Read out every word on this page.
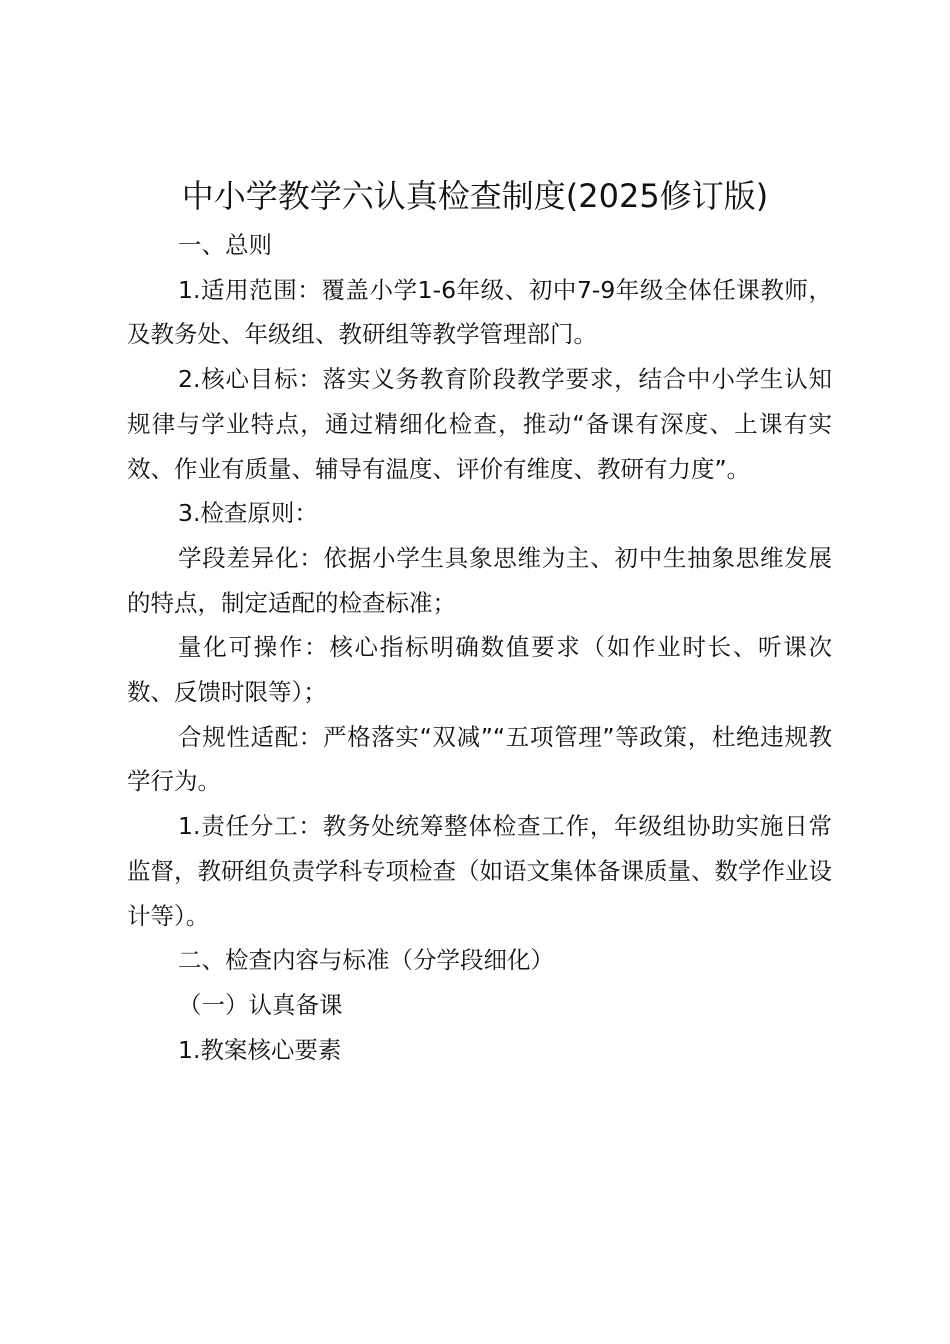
中小学教学六认真检查制度(2025修订版)

一、总则

1.适用范围：覆盖小学1-6年级、初中7-9年级全体任课教师，及教务处、年级组、教研组等教学管理部门。

2.核心目标：落实义务教育阶段教学要求，结合中小学生认知规律与学业特点，通过精细化检查，推动“备课有深度、上课有实效、作业有质量、辅导有温度、评价有维度、教研有力度”。

3.检查原则：

学段差异化：依据小学生具象思维为主、初中生抽象思维发展的特点，制定适配的检查标准；

量化可操作：核心指标明确数值要求（如作业时长、听课次数、反馈时限等）；

合规性适配：严格落实“双减”“五项管理”等政策，杜绝违规教学行为。

1.责任分工：教务处统筹整体检查工作，年级组协助实施日常监督，教研组负责学科专项检查（如语文集体备课质量、数学作业设计等）。

二、检查内容与标准（分学段细化）

（一）认真备课

1.教案核心要素
